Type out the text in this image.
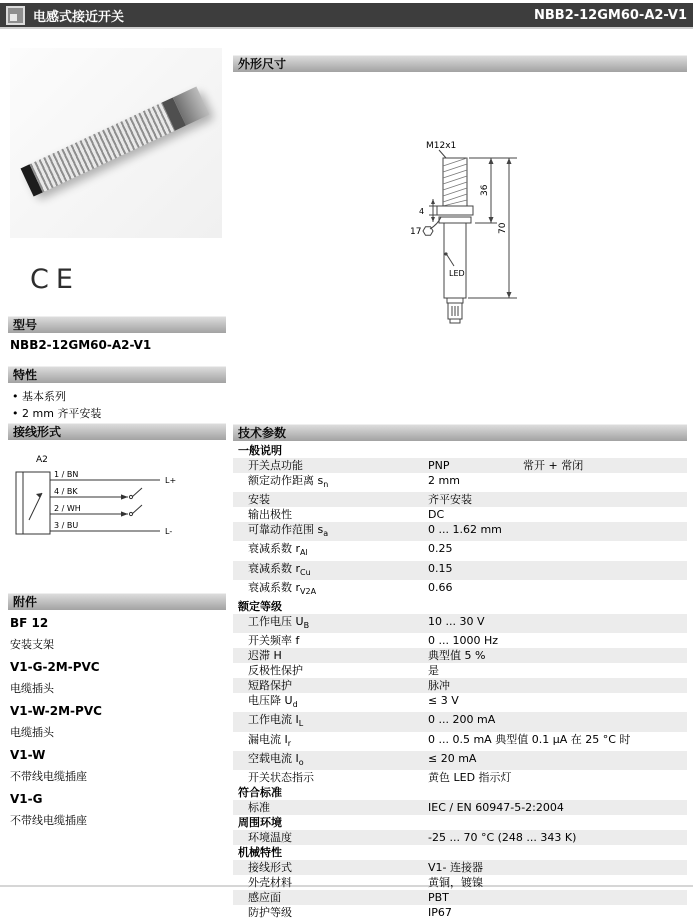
电感式接近开关	NBB2-12GM60-A2-V1
CE
型号
NBB2-12GM60-A2-V1
特性
• 基本系列
• 2 mm 齐平安装
接线形式
A2
1 / BN
4 / BK
2 / WH
3 / BU
L+
L-
附件
BF 12
安装支架
V1-G-2M-PVC
电缆插头
V1-W-2M-PVC
电缆插头
V1-W
不带线电缆插座
V1-G
不带线电缆插座
外形尺寸
M12x1
4
36
70
17
LED
技术参数
一般说明
开关点功能	PNP	常开 + 常闭
额定动作距离 $s_n$	2 mm
安装	齐平安装
输出极性	DC
可靠动作范围 $s_a$	0 ... 1.62 mm
衰减系数 $r_{Al}$	0.25
衰减系数 $r_{Cu}$	0.15
衰减系数 $r_{V2A}$	0.66
额定等级
工作电压 $U_B$	10 ... 30 V
开关频率 f	0 ... 1000 Hz
迟滞 H	典型值 5 %
反极性保护	是
短路保护	脉冲
电压降 $U_d$	≤ 3 V
工作电流 $I_L$	0 ... 200 mA
漏电流 $I_r$	0 ... 0.5 mA 典型值 0.1 μA 在 25 °C 时
空载电流 $I_o$	≤ 20 mA
开关状态指示	黄色 LED 指示灯
符合标准
标准	IEC / EN 60947-5-2:2004
周围环境
环境温度	-25 ... 70 °C (248 ... 343 K)
机械特性
接线形式	V1- 连接器
外壳材料	黄铜，镀镍
感应面	PBT
防护等级	IP67
